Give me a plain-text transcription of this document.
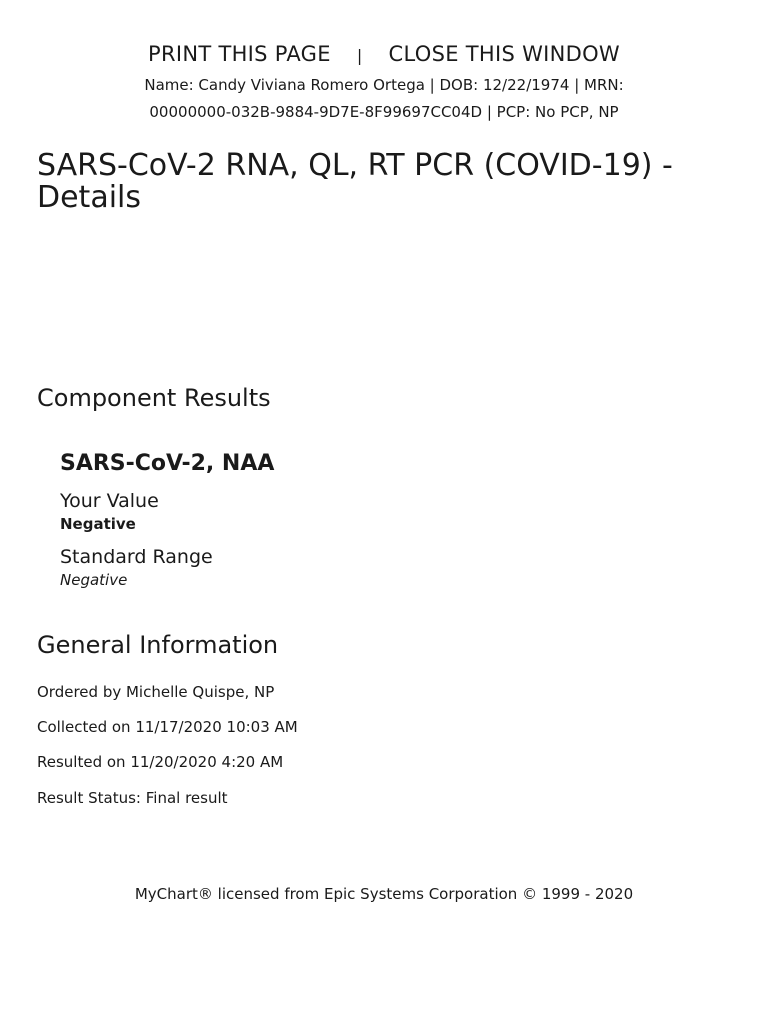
PRINT THIS PAGE | CLOSE THIS WINDOW
Name: Candy Viviana Romero Ortega | DOB: 12/22/1974 | MRN:
00000000-032B-9884-9D7E-8F99697CC04D | PCP: No PCP, NP
SARS-CoV-2 RNA, QL, RT PCR (COVID-19) - Details
Component Results
SARS-CoV-2, NAA
Your Value
Negative
Standard Range
Negative
General Information
Ordered by Michelle Quispe, NP
Collected on 11/17/2020 10:03 AM
Resulted on 11/20/2020 4:20 AM
Result Status: Final result
MyChart® licensed from Epic Systems Corporation © 1999 - 2020
